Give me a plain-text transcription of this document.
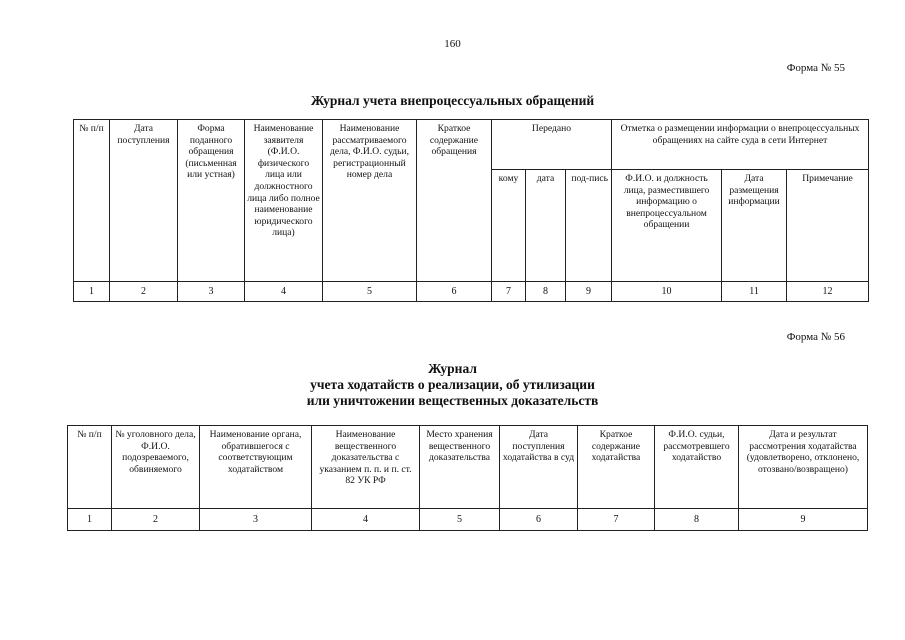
160
Форма № 55
Журнал учета внепроцессуальных обращений
№ п/п	Дата поступления	Форма поданного обращения (письменная или устная)	Наименование заявителя (Ф.И.О. физического лица или должностного лица либо полное наименование юридического лица)	Наименование рассматриваемого дела, Ф.И.О. судьи, регистрационный номер дела	Краткое содержание обращения	Передано			Отметка о размещении информации о внепроцессуальных обращениях на сайте суда в сети Интернет		
						кому	дата	под-пись	Ф.И.О. и должность лица, разместившего информацию о внепроцессуальном обращении	Дата размещения информации	Примечание
1	2	3	4	5	6	7	8	9	10	11	12
Форма № 56
Журнал
учета ходатайств о реализации, об утилизации
или уничтожении вещественных доказательств
№ п/п	№ уголовного дела, Ф.И.О. подозреваемого, обвиняемого	Наименование органа, обратившегося с соответствующим ходатайством	Наименование вещественного доказательства с указанием п. п. и п. ст. 82 УК РФ	Место хранения вещественного доказательства	Дата поступления ходатайства в суд	Краткое содержание ходатайства	Ф.И.О. судьи, рассмотревшего ходатайство	Дата и результат рассмотрения ходатайства (удовлетворено, отклонено, отозвано/возвращено)
1	2	3	4	5	6	7	8	9
